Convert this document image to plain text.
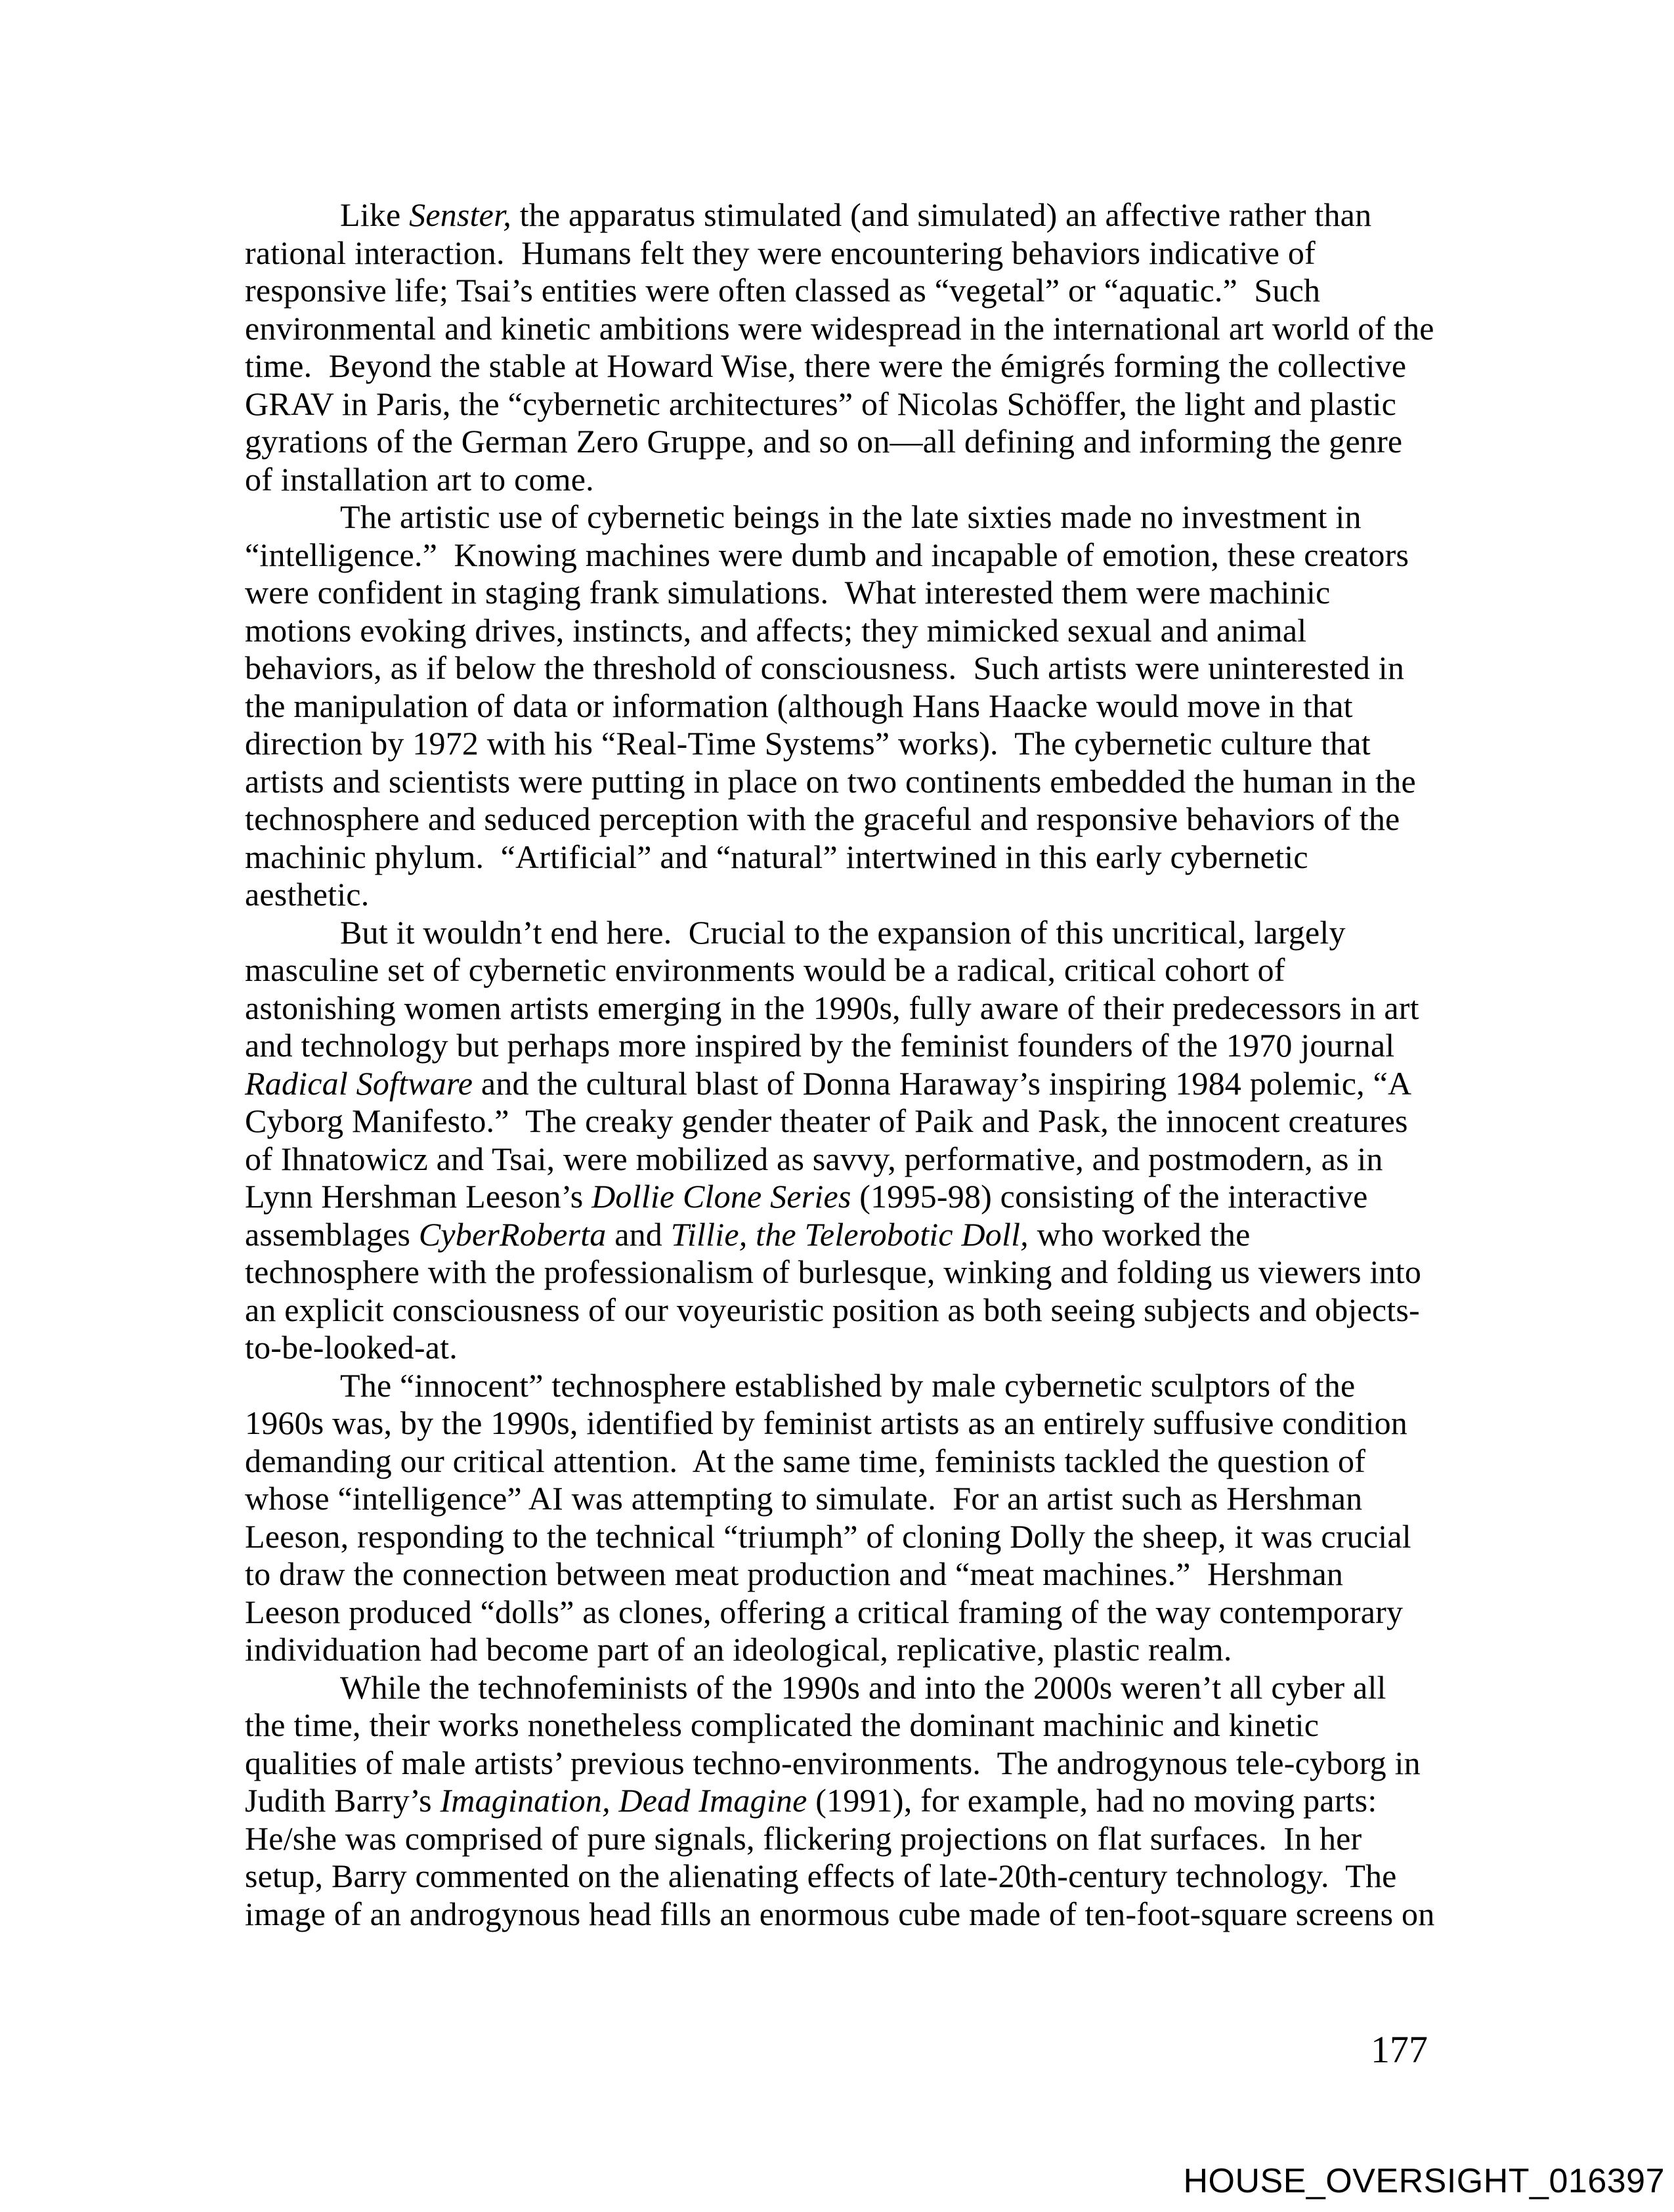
Like Senster, the apparatus stimulated (and simulated) an affective rather than
rational interaction.  Humans felt they were encountering behaviors indicative of
responsive life; Tsai’s entities were often classed as “vegetal” or “aquatic.”  Such
environmental and kinetic ambitions were widespread in the international art world of the
time.  Beyond the stable at Howard Wise, there were the émigrés forming the collective
GRAV in Paris, the “cybernetic architectures” of Nicolas Schöffer, the light and plastic
gyrations of the German Zero Gruppe, and so on—all defining and informing the genre
of installation art to come.
The artistic use of cybernetic beings in the late sixties made no investment in
“intelligence.”  Knowing machines were dumb and incapable of emotion, these creators
were confident in staging frank simulations.  What interested them were machinic
motions evoking drives, instincts, and affects; they mimicked sexual and animal
behaviors, as if below the threshold of consciousness.  Such artists were uninterested in
the manipulation of data or information (although Hans Haacke would move in that
direction by 1972 with his “Real-Time Systems” works).  The cybernetic culture that
artists and scientists were putting in place on two continents embedded the human in the
technosphere and seduced perception with the graceful and responsive behaviors of the
machinic phylum.  “Artificial” and “natural” intertwined in this early cybernetic
aesthetic.
But it wouldn’t end here.  Crucial to the expansion of this uncritical, largely
masculine set of cybernetic environments would be a radical, critical cohort of
astonishing women artists emerging in the 1990s, fully aware of their predecessors in art
and technology but perhaps more inspired by the feminist founders of the 1970 journal
Radical Software and the cultural blast of Donna Haraway’s inspiring 1984 polemic, “A
Cyborg Manifesto.”  The creaky gender theater of Paik and Pask, the innocent creatures
of Ihnatowicz and Tsai, were mobilized as savvy, performative, and postmodern, as in
Lynn Hershman Leeson’s Dollie Clone Series (1995-98) consisting of the interactive
assemblages CyberRoberta and Tillie, the Telerobotic Doll, who worked the
technosphere with the professionalism of burlesque, winking and folding us viewers into
an explicit consciousness of our voyeuristic position as both seeing subjects and objects-
to-be-looked-at.
The “innocent” technosphere established by male cybernetic sculptors of the
1960s was, by the 1990s, identified by feminist artists as an entirely suffusive condition
demanding our critical attention.  At the same time, feminists tackled the question of
whose “intelligence” AI was attempting to simulate.  For an artist such as Hershman
Leeson, responding to the technical “triumph” of cloning Dolly the sheep, it was crucial
to draw the connection between meat production and “meat machines.”  Hershman
Leeson produced “dolls” as clones, offering a critical framing of the way contemporary
individuation had become part of an ideological, replicative, plastic realm.
While the technofeminists of the 1990s and into the 2000s weren’t all cyber all
the time, their works nonetheless complicated the dominant machinic and kinetic
qualities of male artists’ previous techno-environments.  The androgynous tele-cyborg in
Judith Barry’s Imagination, Dead Imagine (1991), for example, had no moving parts:
He/she was comprised of pure signals, flickering projections on flat surfaces.  In her
setup, Barry commented on the alienating effects of late-20th-century technology.  The
image of an androgynous head fills an enormous cube made of ten-foot-square screens on
177
HOUSE_OVERSIGHT_016397
